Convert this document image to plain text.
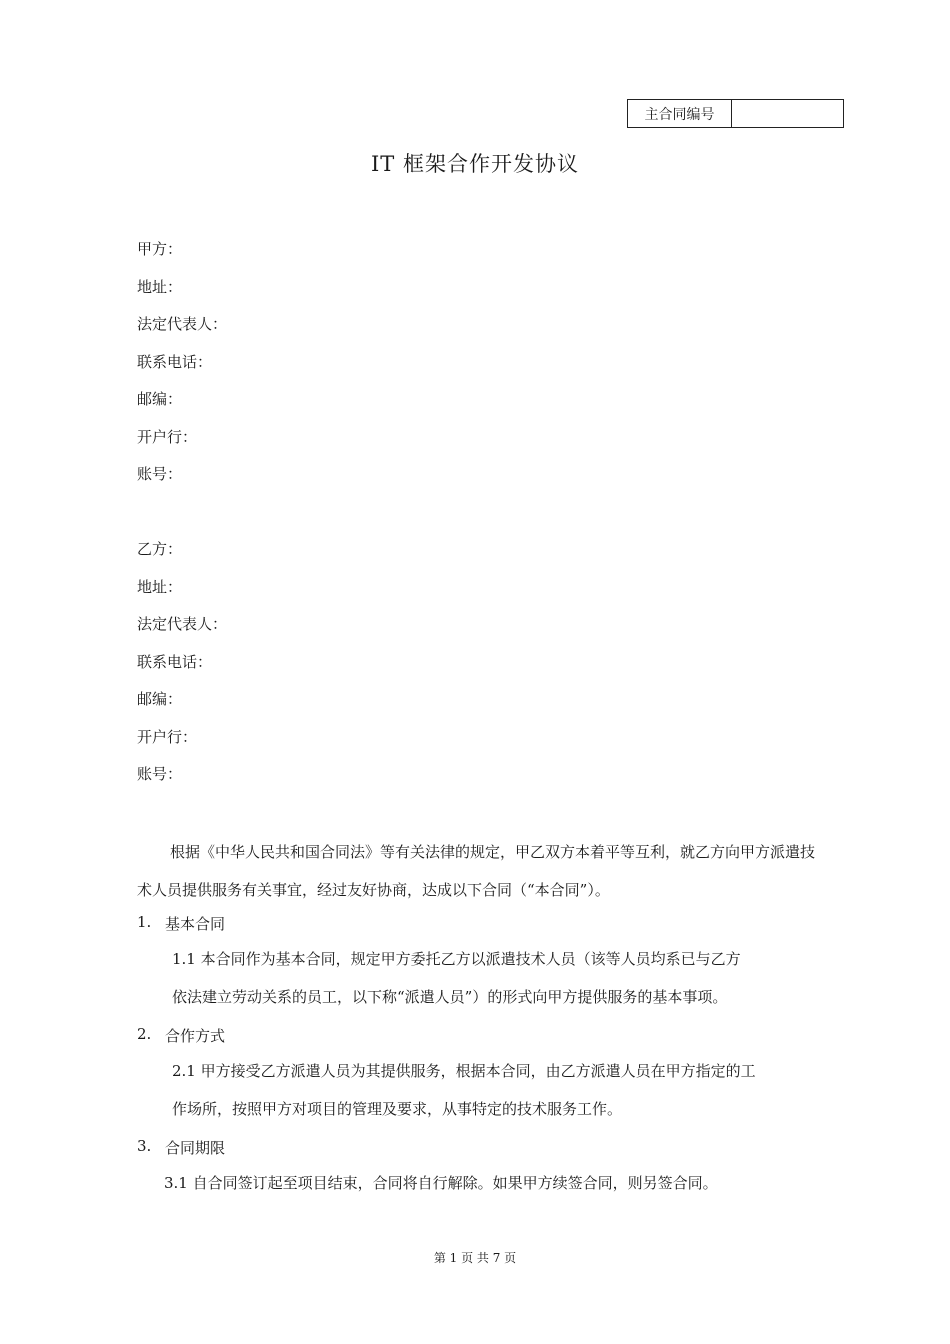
主合同编号
IT 框架合作开发协议
甲方：
地址：
法定代表人：
联系电话：
邮编：
开户行：
账号：
乙方：
地址：
法定代表人：
联系电话：
邮编：
开户行：
账号：
根据《中华人民共和国合同法》等有关法律的规定，甲乙双方本着平等互利，就乙方向甲方派遣技术人员提供服务有关事宜，经过友好协商，达成以下合同（“本合同”）。
1. 基本合同
1.1 本合同作为基本合同，规定甲方委托乙方以派遣技术人员（该等人员均系已与乙方
依法建立劳动关系的员工，以下称“派遣人员”）的形式向甲方提供服务的基本事项。
2. 合作方式
2.1 甲方接受乙方派遣人员为其提供服务，根据本合同，由乙方派遣人员在甲方指定的工
作场所，按照甲方对项目的管理及要求，从事特定的技术服务工作。
3. 合同期限
3.1 自合同签订起至项目结束，合同将自行解除。如果甲方续签合同，则另签合同。
第 1 页 共 7 页
